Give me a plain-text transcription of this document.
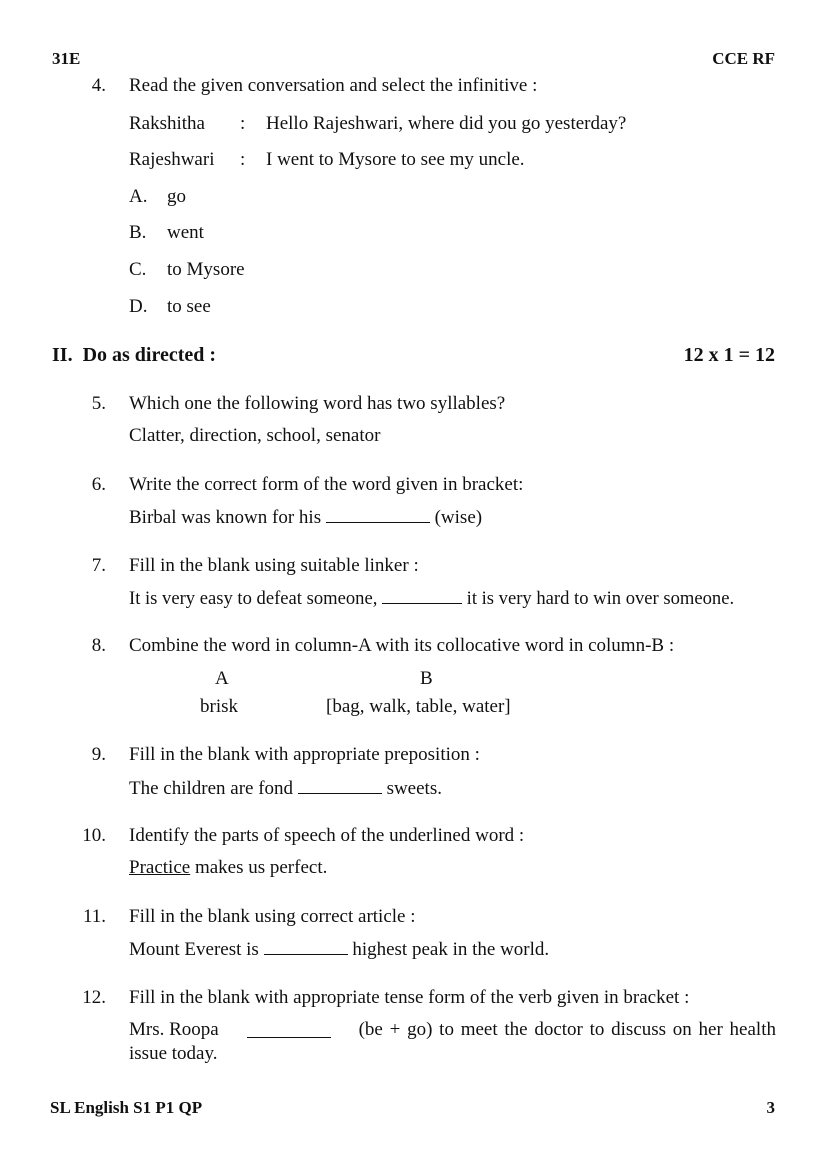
31E	CCE RF
4. Read the given conversation and select the infinitive :
Rakshitha : Hello Rajeshwari, where did you go yesterday?
Rajeshwari : I went to Mysore to see my uncle.
A. go
B. went
C. to Mysore
D. to see
II.  Do as directed :	12 x 1 = 12
5. Which one the following word has two syllables?
Clatter, direction, school, senator
6. Write the correct form of the word given in bracket:
Birbal was known for his	(wise)
7. Fill in the blank using suitable linker :
It is very easy to defeat someone,	it is very hard to win over someone.
8. Combine the word in column-A with its collocative word in column-B :
A	B
brisk	[bag, walk, table, water]
9. Fill in the blank with appropriate preposition :
The children are fond	sweets.
10. Identify the parts of speech of the underlined word :
Practice makes us perfect.
11. Fill in the blank using correct article :
Mount Everest is	highest peak in the world.
12. Fill in the blank with appropriate tense form of the verb given in bracket :
Mrs. Roopa	(be + go) to meet the doctor to discuss on her health
issue today.
SL English S1 P1 QP	3
